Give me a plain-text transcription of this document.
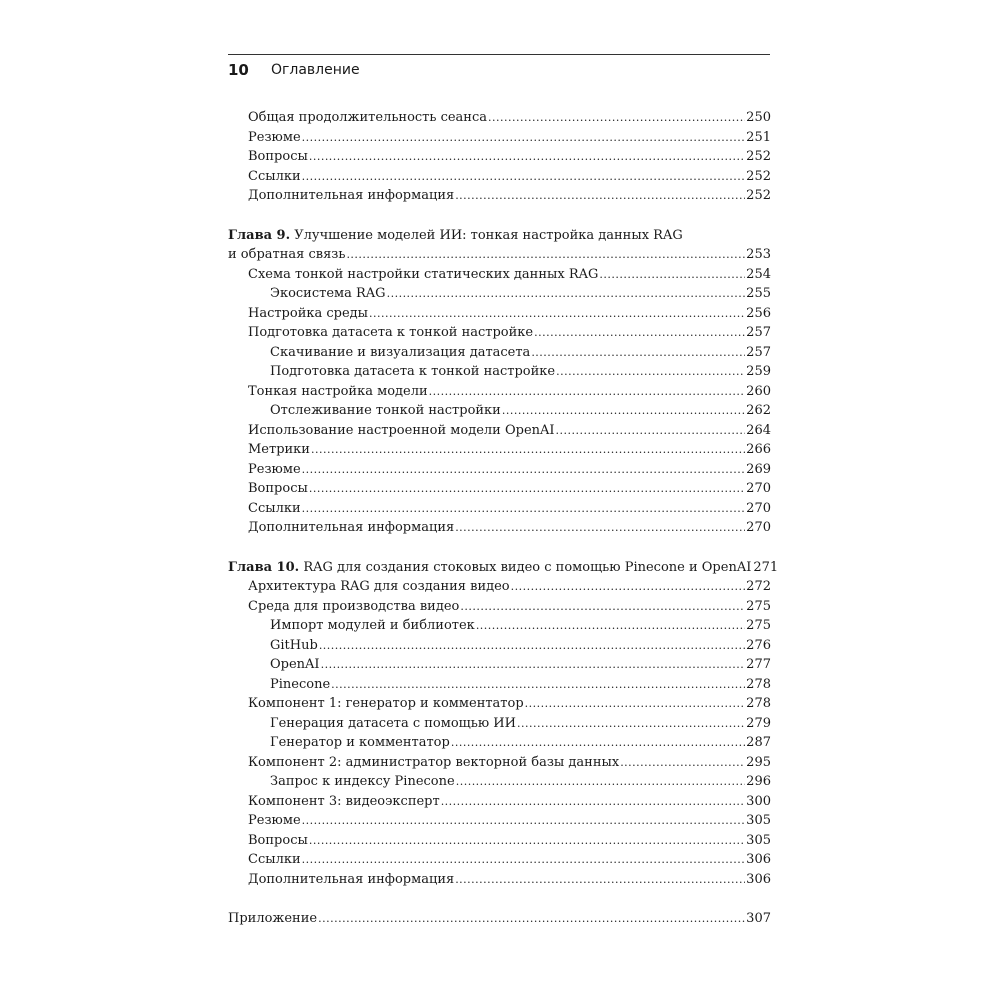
10 Оглавление
Общая продолжительность сеанса .....	250
Резюме .....	251
Вопросы .....	252
Ссылки .....	252
Дополнительная информация .....	252
Глава 9. Улучшение моделей ИИ: тонкая настройка данных RAG
и обратная связь .....	253
Схема тонкой настройки статических данных RAG .....	254
Экосистема RAG .....	255
Настройка среды .....	256
Подготовка датасета к тонкой настройке .....	257
Скачивание и визуализация датасета .....	257
Подготовка датасета к тонкой настройке .....	259
Тонкая настройка модели .....	260
Отслеживание тонкой настройки .....	262
Использование настроенной модели OpenAI .....	264
Метрики .....	266
Резюме .....	269
Вопросы .....	270
Ссылки .....	270
Дополнительная информация .....	270
Глава 10. RAG для создания стоковых видео с помощью Pinecone и OpenAI 271
Архитектура RAG для создания видео .....	272
Среда для производства видео .....	275
Импорт модулей и библиотек .....	275
GitHub .....	276
OpenAI .....	277
Pinecone .....	278
Компонент 1: генератор и комментатор .....	278
Генерация датасета с помощью ИИ .....	279
Генератор и комментатор .....	287
Компонент 2: администратор векторной базы данных .....	295
Запрос к индексу Pinecone .....	296
Компонент 3: видеоэксперт .....	300
Резюме .....	305
Вопросы .....	305
Ссылки .....	306
Дополнительная информация .....	306
Приложение .....	307
